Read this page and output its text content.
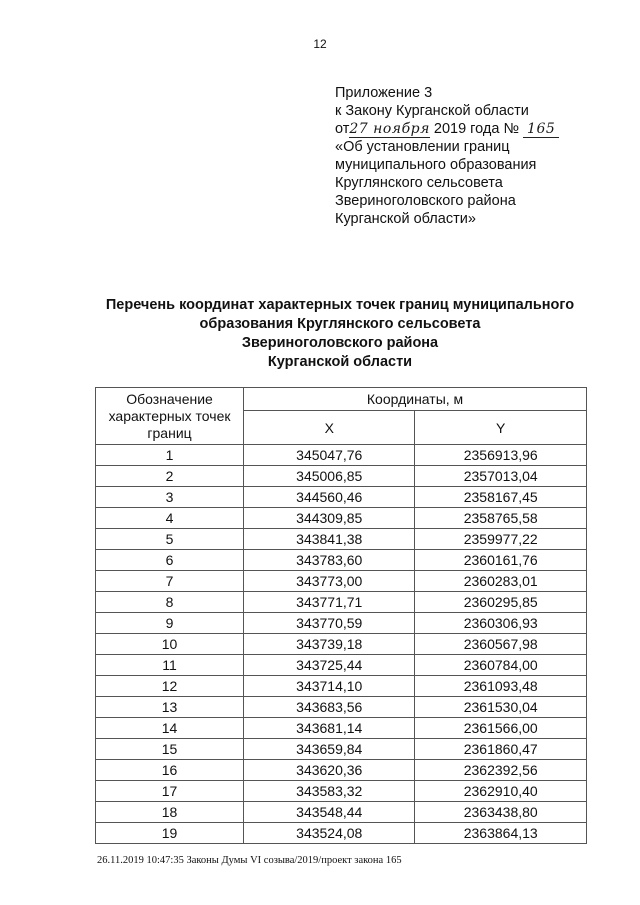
12
Приложение 3
к Закону Курганской области
от27 ноября 2019 года № 165
«Об установлении границ
муниципального образования
Круглянского сельсовета
Звериноголовского района
Курганской области»
Перечень координат характерных точек границ муниципального
образования Круглянского сельсовета
Звериноголовского района
Курганской области
Обозначение характерных точек границ	Координаты, м	
	X	Y
1	345047,76	2356913,96
2	345006,85	2357013,04
3	344560,46	2358167,45
4	344309,85	2358765,58
5	343841,38	2359977,22
6	343783,60	2360161,76
7	343773,00	2360283,01
8	343771,71	2360295,85
9	343770,59	2360306,93
10	343739,18	2360567,98
11	343725,44	2360784,00
12	343714,10	2361093,48
13	343683,56	2361530,04
14	343681,14	2361566,00
15	343659,84	2361860,47
16	343620,36	2362392,56
17	343583,32	2362910,40
18	343548,44	2363438,80
19	343524,08	2363864,13
26.11.2019 10:47:35 Законы Думы VI созыва/2019/проект закона 165
